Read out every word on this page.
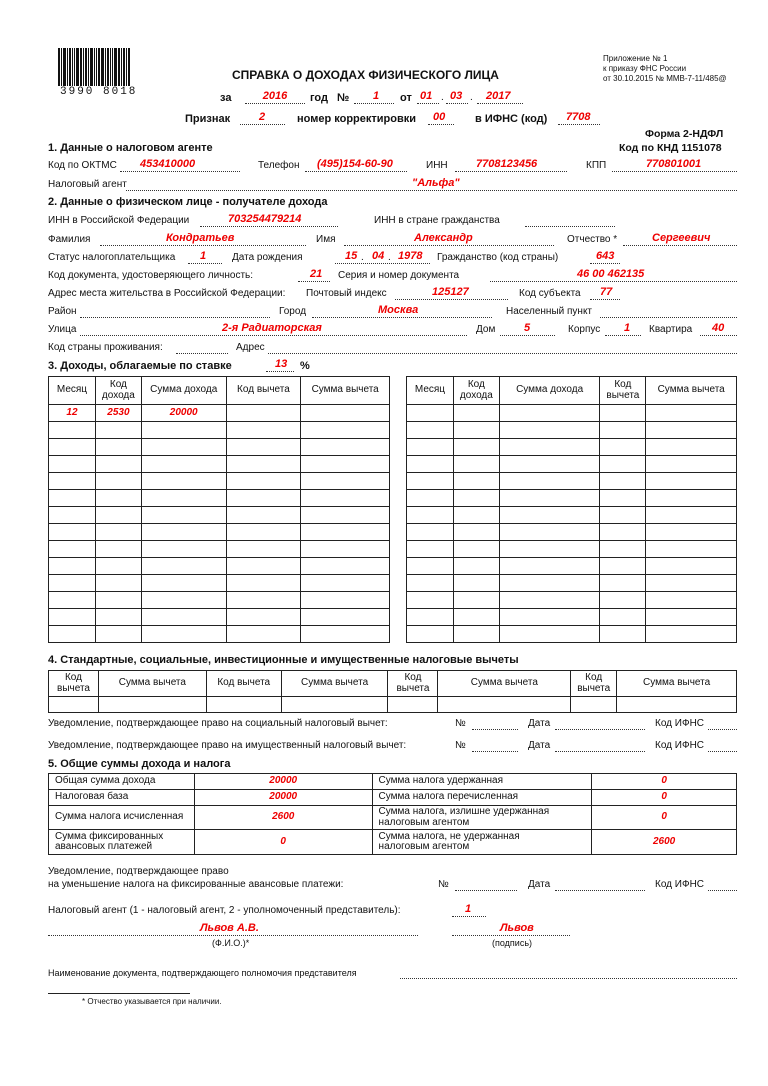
3990 8018
Приложение № 1
к приказу ФНС России
от 30.10.2015 № ММВ-7-11/485@
СПРАВКА О ДОХОДАХ ФИЗИЧЕСКОГО ЛИЦА
за	2016	год №	1	от 01 . 03 . 2017
Признак	2	номер корректировки 00	в ИФНС (код) 7708
Форма 2-НДФЛ
Код по КНД 1151078
1. Данные о налоговом агенте
Код по ОКТМС 453410000	Телефон (495)154-60-90	ИНН	7708123456	КПП	770801001
Налоговый агент	"Альфа"
2. Данные о физическом лице - получателе дохода
ИНН в Российской Федерации	703254479214	ИНН в стране гражданства
Фамилия	Кондратьев	Имя	Александр	Отчество *	Сергеевич
Статус налогоплательщика 1	Дата рождения	15 . 04 . 1978 Гражданство (код страны)	643
Код документа, удостоверяющего личность:	21 Серия и номер документа	46 00 462135
Адрес места жительства в Российской Федерации: Почтовый индекс	125127	Код субъекта 77
Район	Город	Москва	Населенный пункт
Улица	2-я Радиаторская	Дом	5	Корпус 1 Квартира 40
Код страны проживания:	Адрес
3. Доходы, облагаемые по ставке	13 %
Месяц	Код дохода	Сумма дохода	Код вычета	Сумма вычета
12	2530	20000		

Месяц	Код дохода	Сумма дохода	Код вычета	Сумма вычета

4. Стандартные, социальные, инвестиционные и имущественные налоговые вычеты
Код вычета	Сумма вычета	Код вычета	Сумма вычета	Код вычета	Сумма вычета	Код вычета	Сумма вычета

Уведомление, подтверждающее право на социальный налоговый вычет:	№	Дата	Код ИФНС
Уведомление, подтверждающее право на имущественный налоговый вычет:	№	Дата	Код ИФНС
5. Общие суммы дохода и налога
Общая сумма дохода	20000	Сумма налога удержанная	0
Налоговая база	20000	Сумма налога перечисленная	0
Сумма налога исчисленная	2600	Сумма налога, излишне удержанная
налоговым агентом	0
Сумма фиксированных
авансовых платежей	0	Сумма налога, не удержанная
налоговым агентом	2600
Уведомление, подтверждающее право
на уменьшение налога на фиксированные авансовые платежи:	№	Дата	Код ИФНС
Налоговый агент (1 - налоговый агент, 2 - уполномоченный представитель):	1
Львов А.В.
(Ф.И.О.)*
Львов
(подпись)
Наименование документа, подтверждающего полномочия представителя
* Отчество указывается при наличии.
